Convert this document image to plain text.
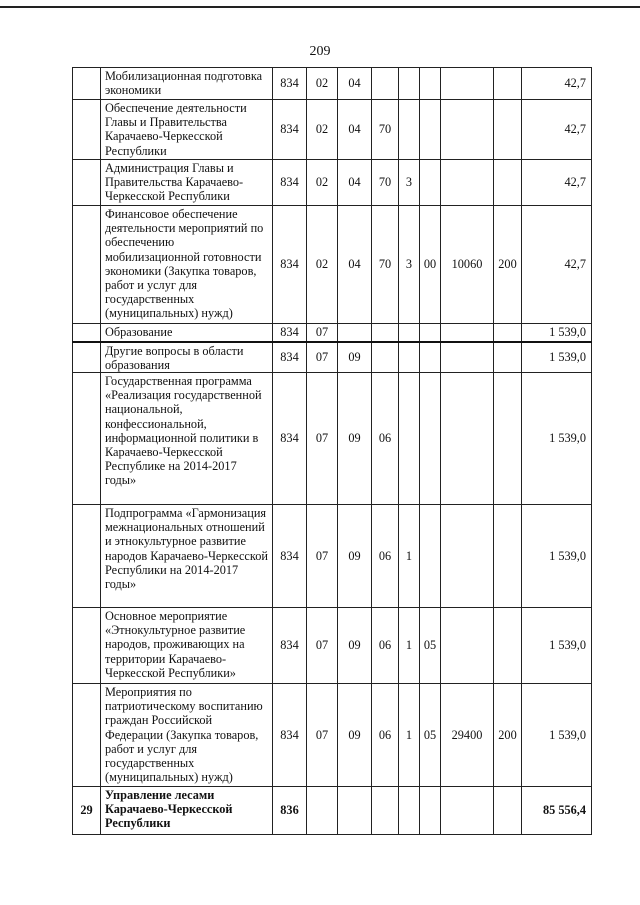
209
	Мобилизационная подготовка экономики	834	02	04						42,7
	Обеспечение деятельности Главы и Правительства Карачаево-Черкесской Республики	834	02	04	70					42,7
	Администрация Главы и Правительства Карачаево-Черкесской Республики	834	02	04	70	3				42,7
	Финансовое обеспечение деятельности мероприятий по обеспечению мобилизационной готовности экономики (Закупка товаров, работ и услуг для государственных (муниципальных) нужд)	834	02	04	70	3	00	10060	200	42,7
	Образование	834	07							1 539,0
	Другие вопросы в области образования	834	07	09						1 539,0
	Государственная программа «Реализация государственной национальной, конфессиональной, информационной политики в Карачаево-Черкесской Республике на 2014-2017 годы»	834	07	09	06					1 539,0
	Подпрограмма «Гармонизация межнациональных отношений и этнокультурное развитие народов Карачаево-Черкесской Республики на 2014-2017 годы»	834	07	09	06	1				1 539,0
	Основное мероприятие «Этнокультурное развитие народов, проживающих на территории Карачаево-Черкесской Республики»	834	07	09	06	1	05			1 539,0
	Мероприятия по патриотическому воспитанию граждан Российской Федерации (Закупка товаров, работ и услуг для государственных (муниципальных) нужд)	834	07	09	06	1	05	29400	200	1 539,0
29	Управление лесами Карачаево-Черкесской Республики	836								85 556,4
